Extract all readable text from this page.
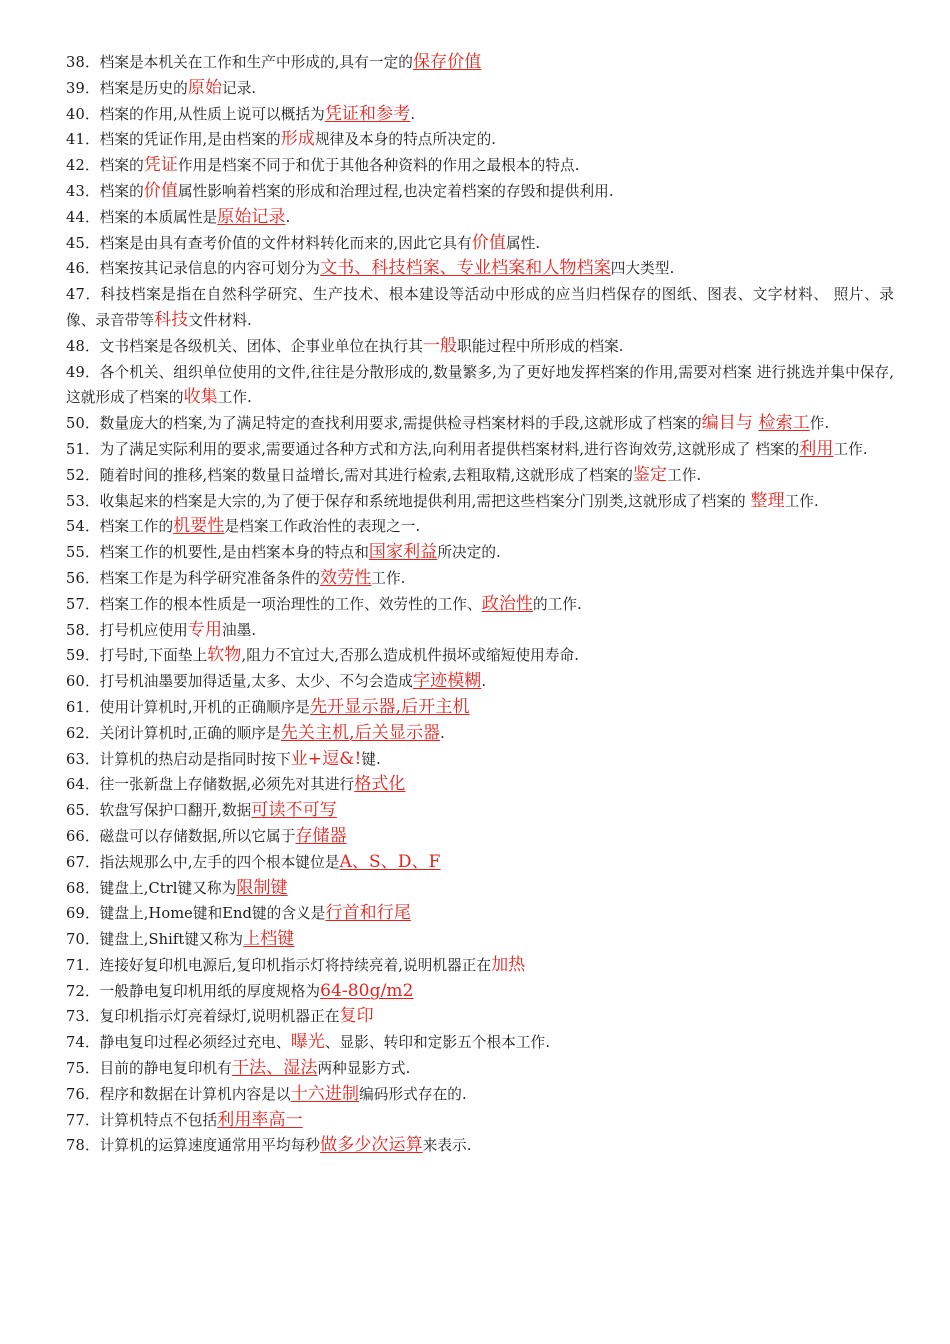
38．档案是本机关在工作和生产中形成的,具有一定的保存价值

39．档案是历史的原始记录.

40．档案的作用,从性质上说可以概括为凭证和参考.

41．档案的凭证作用,是由档案的形成规律及本身的特点所决定的.

42．档案的凭证作用是档案不同于和优于其他各种资料的作用之最根本的特点.

43．档案的价值属性影响着档案的形成和治理过程,也决定着档案的存毁和提供利用.

44．档案的本质属性是原始记录.

45．档案是由具有查考价值的文件材料转化而来的,因此它具有价值属性.

46．档案按其记录信息的内容可划分为文书、科技档案、专业档案和人物档案四大类型.

47．科技档案是指在自然科学研究、生产技术、根本建设等活动中形成的应当归档保存的图纸、图表、文字材料、 照片、录像、录音带等科技文件材料.

48．文书档案是各级机关、团体、企事业单位在执行其一般职能过程中所形成的档案.

49．各个机关、组织单位使用的文件,往往是分散形成的,数量繁多,为了更好地发挥档案的作用,需要对档案 进行挑选并集中保存,这就形成了档案的收集工作.

50．数量庞大的档案,为了满足特定的查找利用要求,需提供检寻档案材料的手段,这就形成了档案的编目与 检索工作.

51．为了满足实际利用的要求,需要通过各种方式和方法,向利用者提供档案材料,进行咨询效劳,这就形成了 档案的利用工作.

52．随着时间的推移,档案的数量日益增长,需对其进行检索,去粗取精,这就形成了档案的鉴定工作.

53．收集起来的档案是大宗的,为了便于保存和系统地提供利用,需把这些档案分门别类,这就形成了档案的 整理工作.

54．档案工作的机要性是档案工作政治性的表现之一.

55．档案工作的机要性,是由档案本身的特点和国家利益所决定的.

56．档案工作是为科学研究准备条件的效劳性工作.

57．档案工作的根本性质是一项治理性的工作、效劳性的工作、政治性的工作.

58．打号机应使用专用油墨.

59．打号时,下面垫上软物,阻力不宜过大,否那么造成机件损坏或缩短使用寿命.

60．打号机油墨要加得适量,太多、太少、不匀会造成字迹模糊.

61．使用计算机时,开机的正确顺序是先开显示器,后开主机

62．关闭计算机时,正确的顺序是先关主机,后关显示器.

63．计算机的热启动是指同时按下业+逗&!键.

64．往一张新盘上存储数据,必须先对其进行格式化

65．软盘写保护口翻开,数据可读不可写

66．磁盘可以存储数据,所以它属于存储器

67．指法规那么中,左手的四个根本键位是A、S、D、F

68．键盘上,Ctrl键又称为限制键

69．键盘上,Home键和End键的含义是行首和行尾

70．键盘上,Shift键又称为上档键

71．连接好复印机电源后,复印机指示灯将持续亮着,说明机器正在加热

72．一般静电复印机用纸的厚度规格为64-80g/m2

73．复印机指示灯亮着绿灯,说明机器正在复印

74．静电复印过程必须经过充电、曝光、显影、转印和定影五个根本工作.

75．目前的静电复印机有干法、湿法两种显影方式.

76．程序和数据在计算机内容是以十六进制编码形式存在的.

77．计算机特点不包括利用率高一

78．计算机的运算速度通常用平均每秒做多少次运算来表示.
